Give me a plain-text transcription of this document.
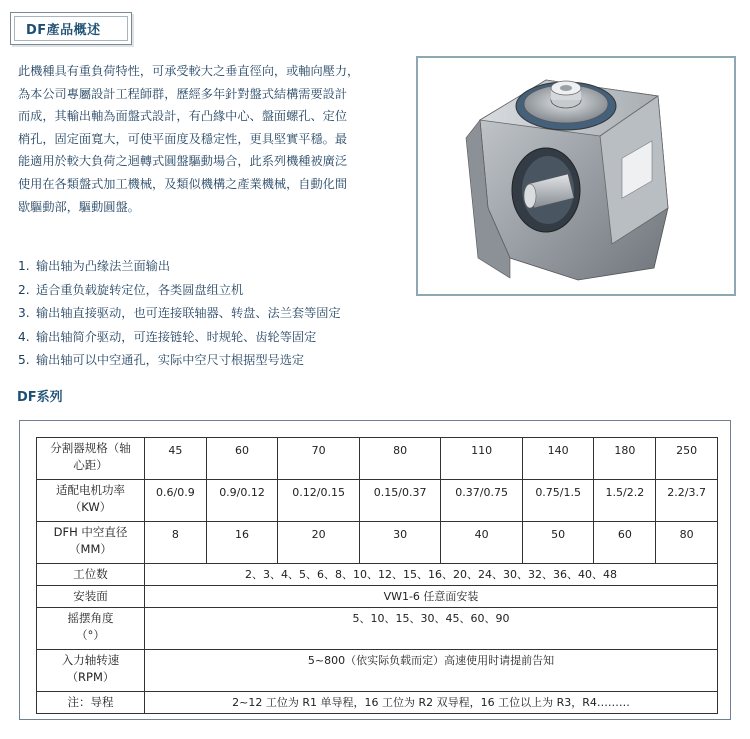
DF產品概述

此機種具有重負荷特性，可承受較大之垂直徑向，或軸向壓力，

為本公司專屬設計工程師群，歷經多年針對盤式結構需要設計

而成，其輸出軸為面盤式設計，有凸緣中心、盤面螺孔、定位

梢孔，固定面寬大，可使平面度及穩定性，更具堅實平穩。最

能適用於較大負荷之迴轉式圓盤驅動場合，此系列機種被廣泛

使用在各類盤式加工機械，及類似機構之產業機械，自動化間

歇驅動部，驅動圓盤。

1. 输出轴为凸缘法兰面输出
2. 适合重负载旋转定位，各类圆盘组立机
3. 输出轴直接驱动，也可连接联轴器、转盘、法兰套等固定
4. 输出轴简介驱动，可连接链轮、时规轮、齿轮等固定
5. 输出轴可以中空通孔，实际中空尺寸根据型号选定
DF系列
分割器规格（轴
心距）	45	60	70	80	110	140	180	250

适配电机功率
（KW）	0.6/0.9	0.9/0.12	0.12/0.15	0.15/0.37	0.37/0.75	0.75/1.5	1.5/2.2	2.2/3.7

DFH 中空直径
（MM）	8	16	20	30	40	50	60	80
工位数	2、3、4、5、6、8、10、12、15、16、20、24、30、32、36、40、48							
安装面	VW1-6 任意面安装							

摇摆角度
（°）	5、10、15、30、45、60、90							

入力轴转速
（RPM）	5~800（依实际负载而定）高速使用时请提前告知							
注：导程	2~12 工位为 R1 单导程，16 工位为 R2 双导程，16 工位以上为 R3，R4………							
